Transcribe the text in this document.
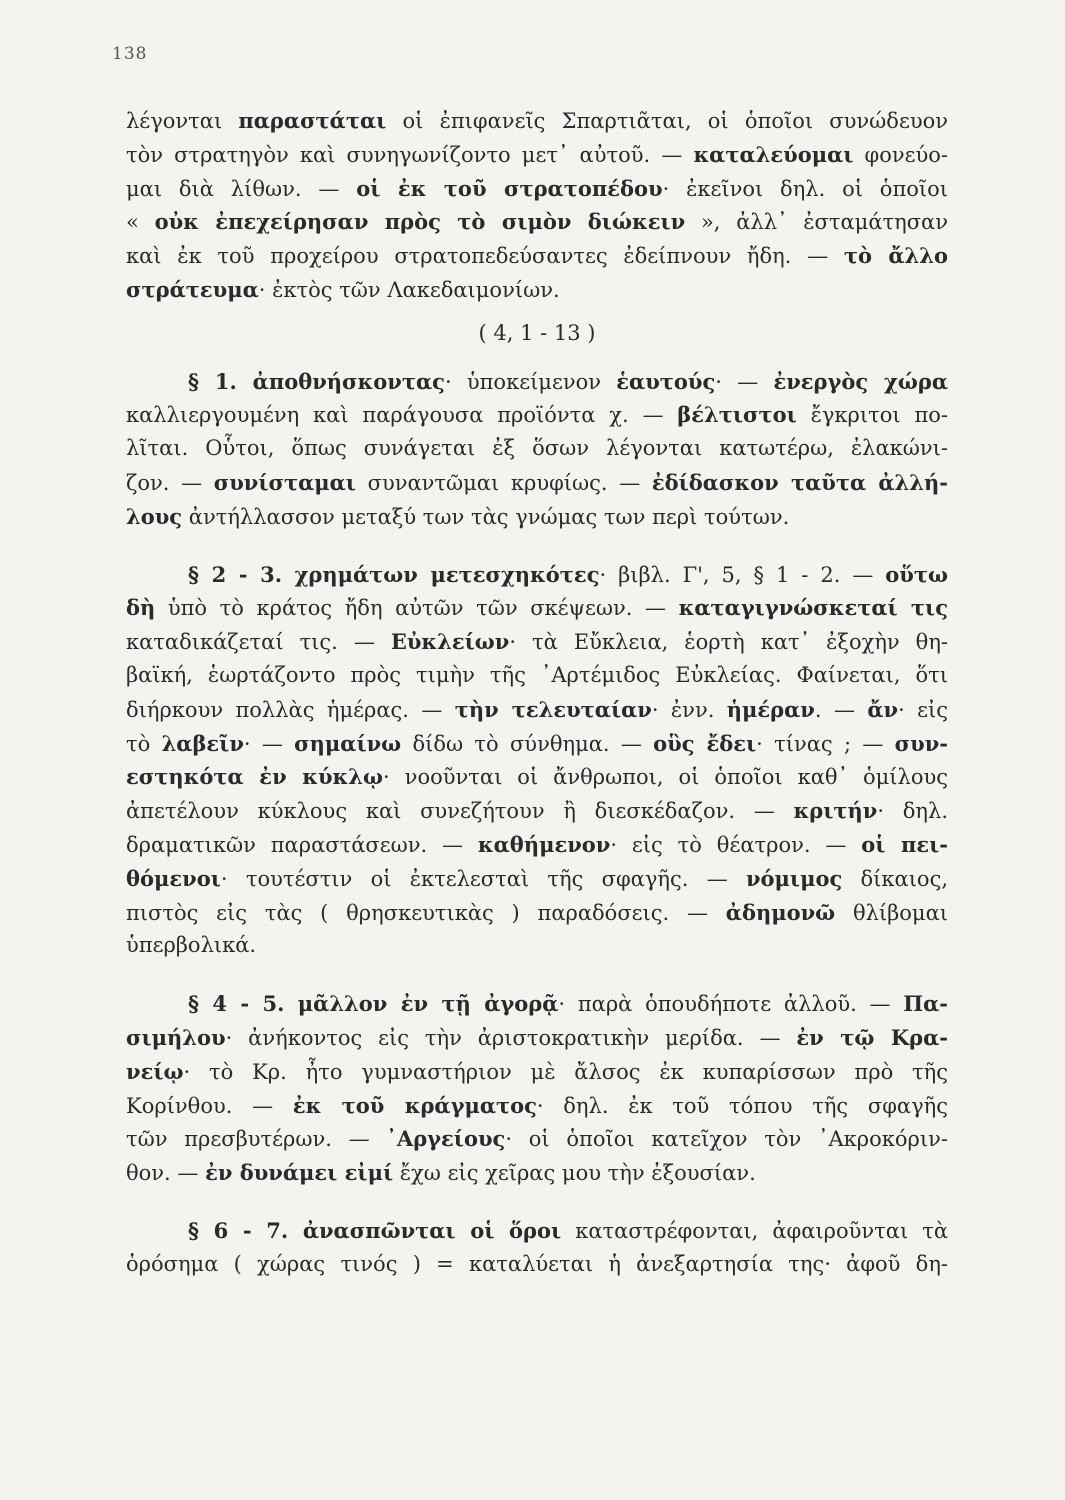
138
λέγονται παραστάται οἱ ἐπιφανεῖς Σπαρτιᾶται, οἱ ὁποῖοι συνώδευον
τὸν στρατηγὸν καὶ συνηγωνίζοντο μετ᾽ αὐτοῦ. — καταλεύομαι φονεύο-
μαι διὰ λίθων. — οἱ ἐκ τοῦ στρατοπέδου· ἐκεῖνοι δηλ. οἱ ὁποῖοι
« οὐκ ἐπεχείρησαν πρὸς τὸ σιμὸν διώκειν », ἀλλ᾽ ἐσταμάτησαν
καὶ ἐκ τοῦ προχείρου στρατοπεδεύσαντες ἐδείπνουν ἤδη. — τὸ ἄλλο
στράτευμα· ἐκτὸς τῶν Λακεδαιμονίων.
( 4, 1 - 13 )
§ 1. ἀποθνήσκοντας· ὑποκείμενον ἑαυτούς· — ἐνεργὸς χώρα
καλλιεργουμένη καὶ παράγουσα προϊόντα χ. — βέλτιστοι ἔγκριτοι πο-
λῖται. Οὗτοι, ὅπως συνάγεται ἐξ ὅσων λέγονται κατωτέρω, ἐλακώνι-
ζον. — συνίσταμαι συναντῶμαι κρυφίως. — ἐδίδασκον ταῦτα ἀλλή-
λους ἀντήλλασσον μεταξύ των τὰς γνώμας των περὶ τούτων.
§ 2 - 3. χρημάτων μετεσχηκότες· βιβλ. Γ', 5, § 1 - 2. — οὕτω
δὴ ὑπὸ τὸ κράτος ἤδη αὐτῶν τῶν σκέψεων. — καταγιγνώσκεταί τις
καταδικάζεταί τις. — Εὐκλείων· τὰ Εὔκλεια, ἑορτὴ κατ᾽ ἐξοχὴν θη-
βαϊκή, ἑωρτάζοντο πρὸς τιμὴν τῆς ᾿Αρτέμιδος Εὐκλείας. Φαίνεται, ὅτι
διήρκουν πολλὰς ἡμέρας. — τὴν τελευταίαν· ἐνν. ἡμέραν. — ἄν· εἰς
τὸ λαβεῖν· — σημαίνω δίδω τὸ σύνθημα. — οὓς ἔδει· τίνας ; — συν-
εστηκότα ἐν κύκλῳ· νοοῦνται οἱ ἄνθρωποι, οἱ ὁποῖοι καθ᾽ ὁμίλους
ἀπετέλουν κύκλους καὶ συνεζήτουν ἢ διεσκέδαζον. — κριτήν· δηλ.
δραματικῶν παραστάσεων. — καθήμενον· εἰς τὸ θέατρον. — οἱ πει-
θόμενοι· τουτέστιν οἱ ἐκτελεσταὶ τῆς σφαγῆς. — νόμιμος δίκαιος,
πιστὸς εἰς τὰς ( θρησκευτικὰς ) παραδόσεις. — ἀδημονῶ θλίβομαι
ὑπερβολικά.
§ 4 - 5. μᾶλλον ἐν τῇ ἀγορᾷ· παρὰ ὁπουδήποτε ἀλλοῦ. — Πα-
σιμήλου· ἀνήκοντος εἰς τὴν ἀριστοκρατικὴν μερίδα. — ἐν τῷ Κρα-
νείῳ· τὸ Κρ. ἦτο γυμναστήριον μὲ ἄλσος ἐκ κυπαρίσσων πρὸ τῆς
Κορίνθου. — ἐκ τοῦ κράγματος· δηλ. ἐκ τοῦ τόπου τῆς σφαγῆς
τῶν πρεσβυτέρων. — ᾿Αργείους· οἱ ὁποῖοι κατεῖχον τὸν ᾿Ακροκόριν-
θον. — ἐν δυνάμει εἰμί ἔχω εἰς χεῖρας μου τὴν ἐξουσίαν.
§ 6 - 7. ἀνασπῶνται οἱ ὅροι καταστρέφονται, ἀφαιροῦνται τὰ
ὁρόσημα ( χώρας τινός ) = καταλύεται ἡ ἀνεξαρτησία της· ἀφοῦ δη-
